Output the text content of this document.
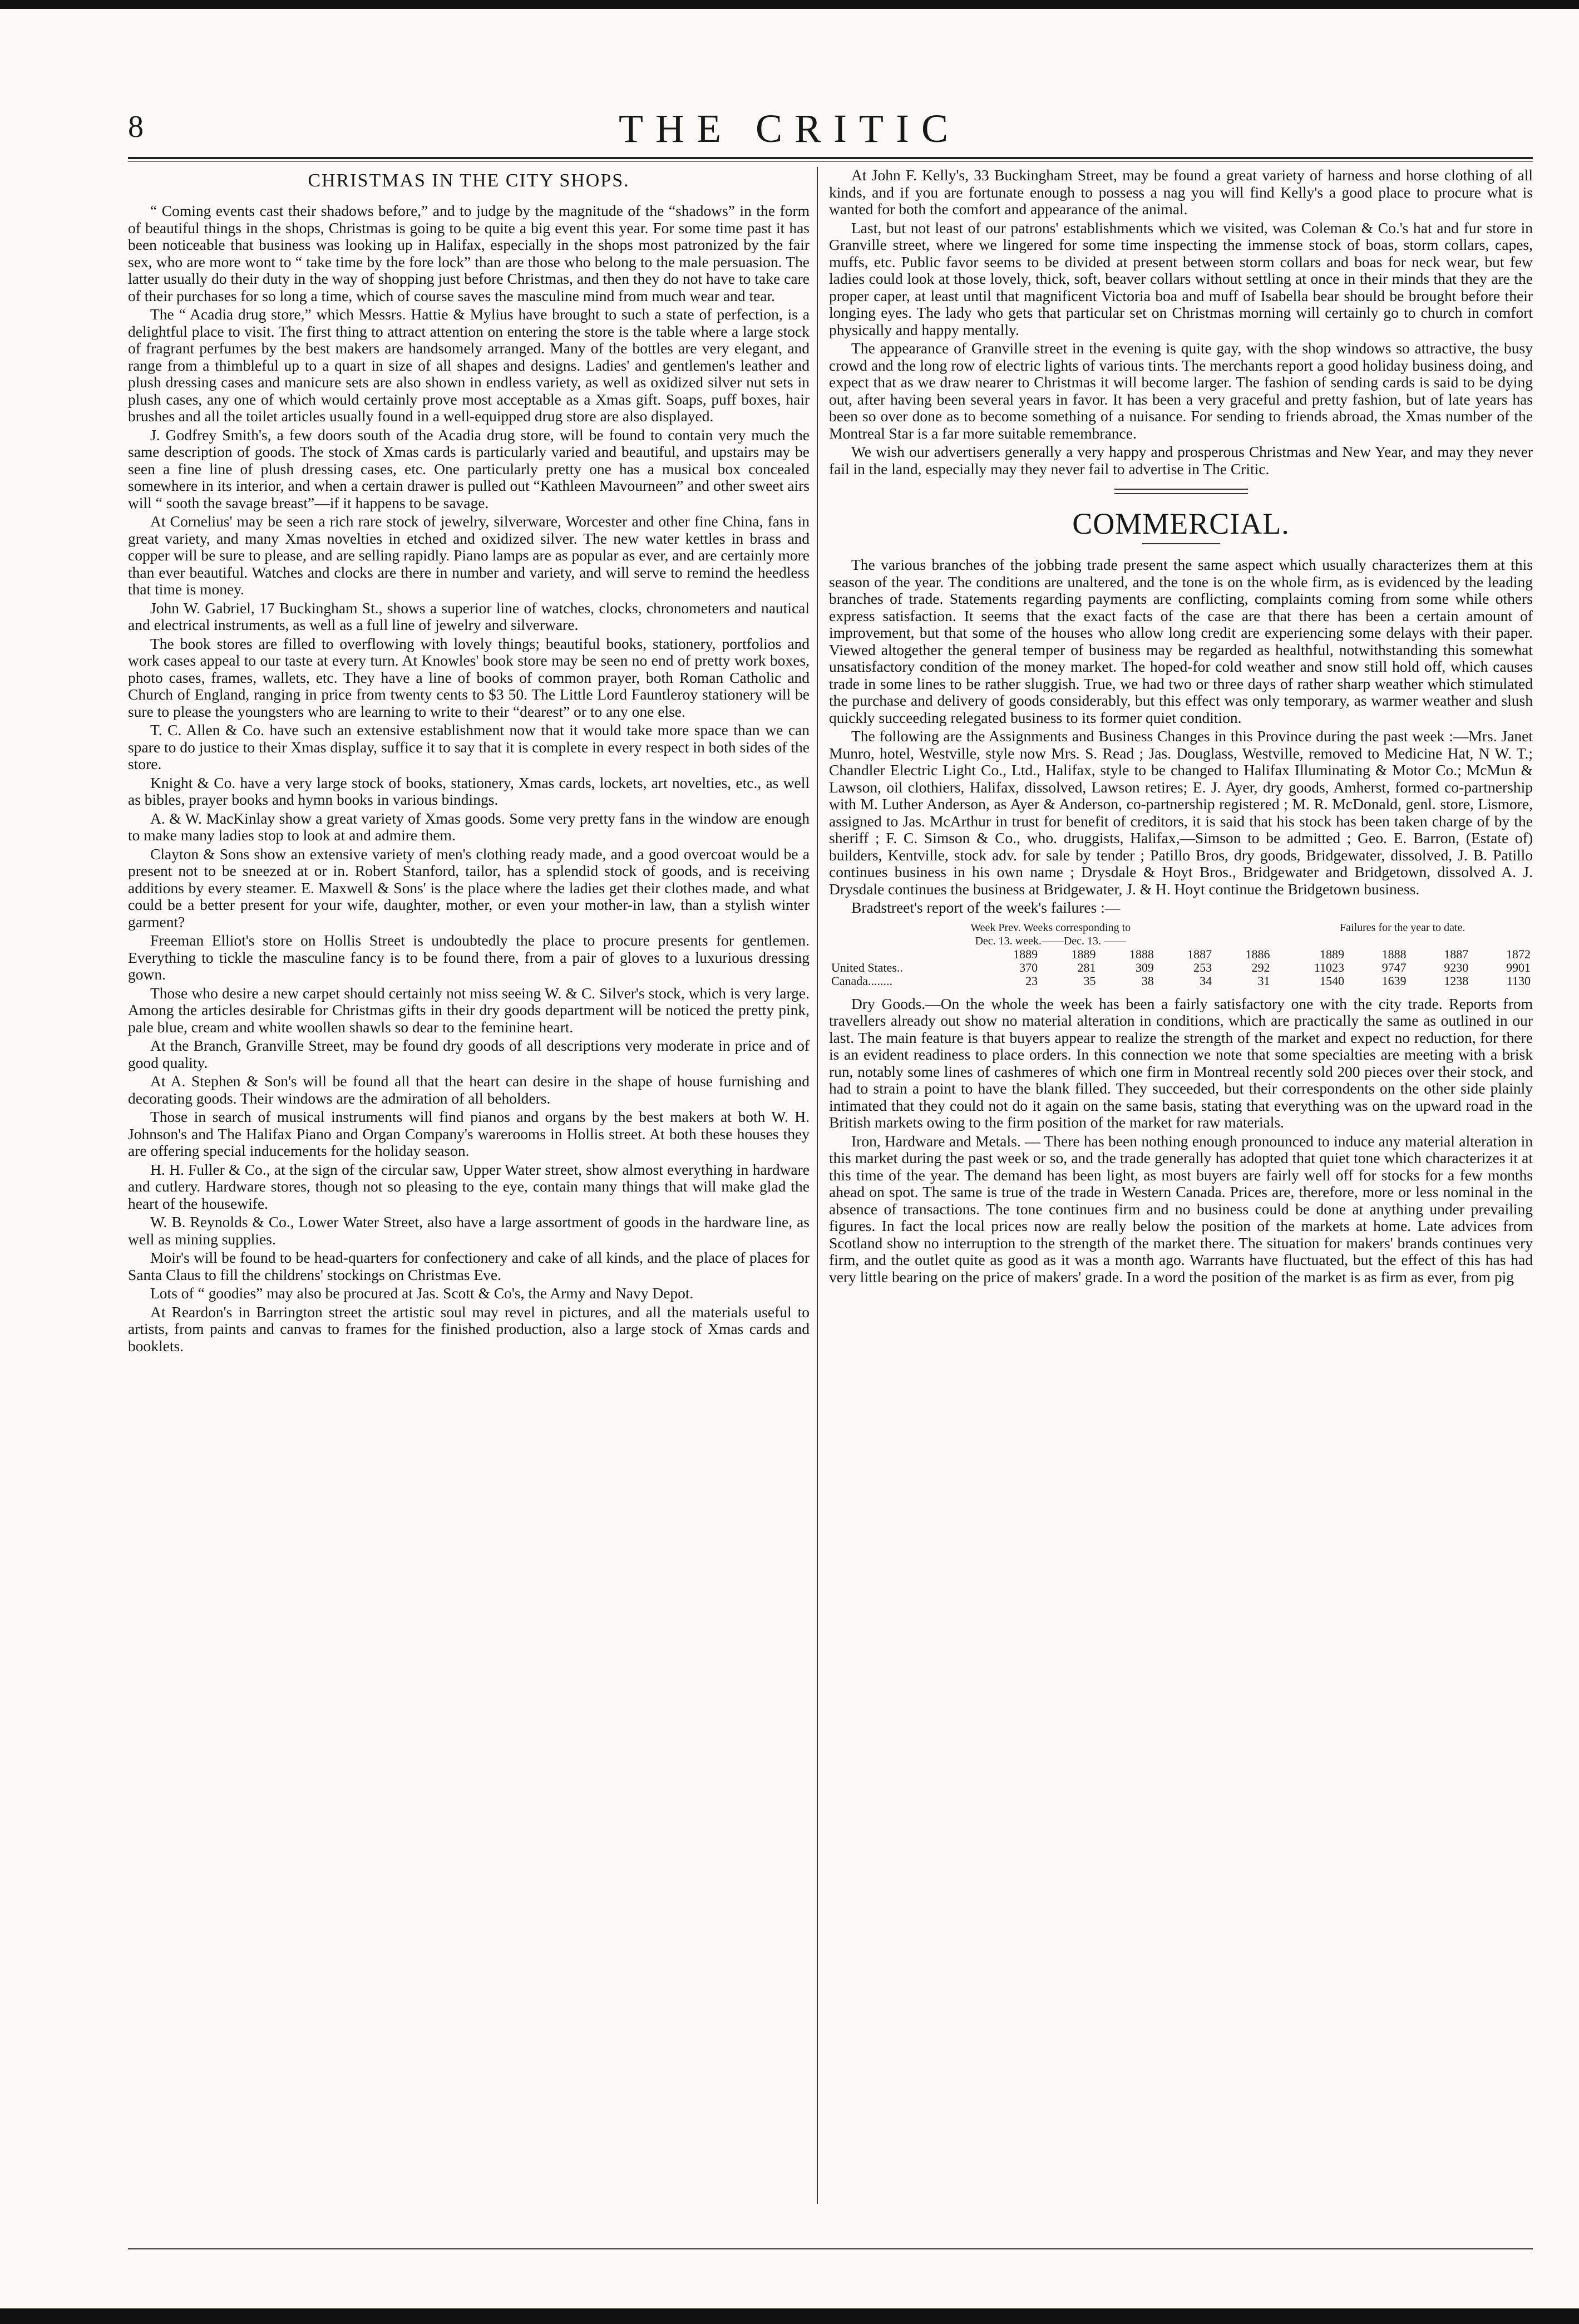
8	THE CRITIC
CHRISTMAS IN THE CITY SHOPS.

“ Coming events cast their shadows before,” and to judge by the magnitude of the “shadows” in the form of beautiful things in the shops, Christmas is going to be quite a big event this year. For some time past it has been noticeable that business was looking up in Halifax, especially in the shops most patronized by the fair sex, who are more wont to “ take time by the fore lock” than are those who belong to the male persuasion. The latter usually do their duty in the way of shopping just before Christmas, and then they do not have to take care of their purchases for so long a time, which of course saves the masculine mind from much wear and tear.

The “ Acadia drug store,” which Messrs. Hattie & Mylius have brought to such a state of perfection, is a delightful place to visit. The first thing to attract attention on entering the store is the table where a large stock of fragrant perfumes by the best makers are handsomely arranged. Many of the bottles are very elegant, and range from a thimbleful up to a quart in size of all shapes and designs. Ladies' and gentlemen's leather and plush dressing cases and manicure sets are also shown in endless variety, as well as oxidized silver nut sets in plush cases, any one of which would certainly prove most acceptable as a Xmas gift. Soaps, puff boxes, hair brushes and all the toilet articles usually found in a well-equipped drug store are also displayed.

J. Godfrey Smith's, a few doors south of the Acadia drug store, will be found to contain very much the same description of goods. The stock of Xmas cards is particularly varied and beautiful, and upstairs may be seen a fine line of plush dressing cases, etc. One particularly pretty one has a musical box concealed somewhere in its interior, and when a certain drawer is pulled out “Kathleen Mavourneen” and other sweet airs will “ sooth the savage breast”—if it happens to be savage.

At Cornelius' may be seen a rich rare stock of jewelry, silverware, Worcester and other fine China, fans in great variety, and many Xmas novelties in etched and oxidized silver. The new water kettles in brass and copper will be sure to please, and are selling rapidly. Piano lamps are as popular as ever, and are certainly more than ever beautiful. Watches and clocks are there in number and variety, and will serve to remind the heedless that time is money.

John W. Gabriel, 17 Buckingham St., shows a superior line of watches, clocks, chronometers and nautical and electrical instruments, as well as a full line of jewelry and silverware.

The book stores are filled to overflowing with lovely things; beautiful books, stationery, portfolios and work cases appeal to our taste at every turn. At Knowles' book store may be seen no end of pretty work boxes, photo cases, frames, wallets, etc. They have a line of books of common prayer, both Roman Catholic and Church of England, ranging in price from twenty cents to $3 50. The Little Lord Fauntleroy stationery will be sure to please the youngsters who are learning to write to their “dearest” or to any one else.

T. C. Allen & Co. have such an extensive establishment now that it would take more space than we can spare to do justice to their Xmas display, suffice it to say that it is complete in every respect in both sides of the store.

Knight & Co. have a very large stock of books, stationery, Xmas cards, lockets, art novelties, etc., as well as bibles, prayer books and hymn books in various bindings.

A. & W. MacKinlay show a great variety of Xmas goods. Some very pretty fans in the window are enough to make many ladies stop to look at and admire them.

Clayton & Sons show an extensive variety of men's clothing ready made, and a good overcoat would be a present not to be sneezed at or in. Robert Stanford, tailor, has a splendid stock of goods, and is receiving additions by every steamer. E. Maxwell & Sons' is the place where the ladies get their clothes made, and what could be a better present for your wife, daughter, mother, or even your mother-in law, than a stylish winter garment?

Freeman Elliot's store on Hollis Street is undoubtedly the place to procure presents for gentlemen. Everything to tickle the masculine fancy is to be found there, from a pair of gloves to a luxurious dressing gown.

Those who desire a new carpet should certainly not miss seeing W. & C. Silver's stock, which is very large. Among the articles desirable for Christmas gifts in their dry goods department will be noticed the pretty pink, pale blue, cream and white woollen shawls so dear to the feminine heart.

At the Branch, Granville Street, may be found dry goods of all descriptions very moderate in price and of good quality.

At A. Stephen & Son's will be found all that the heart can desire in the shape of house furnishing and decorating goods. Their windows are the admiration of all beholders.

Those in search of musical instruments will find pianos and organs by the best makers at both W. H. Johnson's and The Halifax Piano and Organ Company's warerooms in Hollis street. At both these houses they are offering special inducements for the holiday season.

H. H. Fuller & Co., at the sign of the circular saw, Upper Water street, show almost everything in hardware and cutlery. Hardware stores, though not so pleasing to the eye, contain many things that will make glad the heart of the housewife.

W. B. Reynolds & Co., Lower Water Street, also have a large assortment of goods in the hardware line, as well as mining supplies.

Moir's will be found to be head-quarters for confectionery and cake of all kinds, and the place of places for Santa Claus to fill the childrens' stockings on Christmas Eve.

Lots of “ goodies” may also be procured at Jas. Scott & Co's, the Army and Navy Depot.

At Reardon's in Barrington street the artistic soul may revel in pictures, and all the materials useful to artists, from paints and canvas to frames for the finished production, also a large stock of Xmas cards and booklets.

At John F. Kelly's, 33 Buckingham Street, may be found a great variety of harness and horse clothing of all kinds, and if you are fortunate enough to possess a nag you will find Kelly's a good place to procure what is wanted for both the comfort and appearance of the animal.

Last, but not least of our patrons' establishments which we visited, was Coleman & Co.'s hat and fur store in Granville street, where we lingered for some time inspecting the immense stock of boas, storm collars, capes, muffs, etc. Public favor seems to be divided at present between storm collars and boas for neck wear, but few ladies could look at those lovely, thick, soft, beaver collars without settling at once in their minds that they are the proper caper, at least until that magnificent Victoria boa and muff of Isabella bear should be brought before their longing eyes. The lady who gets that particular set on Christmas morning will certainly go to church in comfort physically and happy mentally.

The appearance of Granville street in the evening is quite gay, with the shop windows so attractive, the busy crowd and the long row of electric lights of various tints. The merchants report a good holiday business doing, and expect that as we draw nearer to Christmas it will become larger. The fashion of sending cards is said to be dying out, after having been several years in favor. It has been a very graceful and pretty fashion, but of late years has been so over done as to become something of a nuisance. For sending to friends abroad, the Xmas number of the Montreal Star is a far more suitable remembrance.

We wish our advertisers generally a very happy and prosperous Christmas and New Year, and may they never fail in the land, especially may they never fail to advertise in The Critic.

COMMERCIAL.

The various branches of the jobbing trade present the same aspect which usually characterizes them at this season of the year. The conditions are unaltered, and the tone is on the whole firm, as is evidenced by the leading branches of trade. Statements regarding payments are conflicting, complaints coming from some while others express satisfaction. It seems that the exact facts of the case are that there has been a certain amount of improvement, but that some of the houses who allow long credit are experiencing some delays with their paper. Viewed altogether the general temper of business may be regarded as healthful, notwithstanding this somewhat unsatisfactory condition of the money market. The hoped-for cold weather and snow still hold off, which causes trade in some lines to be rather sluggish. True, we had two or three days of rather sharp weather which stimulated the purchase and delivery of goods considerably, but this effect was only temporary, as warmer weather and slush quickly succeeding relegated business to its former quiet condition.

The following are the Assignments and Business Changes in this Province during the past week :—Mrs. Janet Munro, hotel, Westville, style now Mrs. S. Read ; Jas. Douglass, Westville, removed to Medicine Hat, N W. T.; Chandler Electric Light Co., Ltd., Halifax, style to be changed to Halifax Illuminating & Motor Co.; McMun & Lawson, oil clothiers, Halifax, dissolved, Lawson retires; E. J. Ayer, dry goods, Amherst, formed co-partnership with M. Luther Anderson, as Ayer & Anderson, co-partnership registered ; M. R. McDonald, genl. store, Lismore, assigned to Jas. McArthur in trust for benefit of creditors, it is said that his stock has been taken charge of by the sheriff ; F. C. Simson & Co., who. druggists, Halifax,—Simson to be admitted ; Geo. E. Barron, (Estate of) builders, Kentville, stock adv. for sale by tender ; Patillo Bros, dry goods, Bridgewater, dissolved, J. B. Patillo continues business in his own name ; Drysdale & Hoyt Bros., Bridgewater and Bridgetown, dissolved A. J. Drysdale continues the business at Bridgewater, J. & H. Hoyt continue the Bridgetown business.

Bradstreet's report of the week's failures :—

Week Prev. Weeks corresponding to						Failures for the year to date.			
Dec. 13. week.——Dec. 13. ——									
	1889	1889	1888	1887	1886	1889	1888	1887	1872
United States..	370	281	309	253	292	11023	9747	9230	9901
Canada........	23	35	38	34	31	1540	1639	1238	1130

Dry Goods.—On the whole the week has been a fairly satisfactory one with the city trade. Reports from travellers already out show no material alteration in conditions, which are practically the same as outlined in our last. The main feature is that buyers appear to realize the strength of the market and expect no reduction, for there is an evident readiness to place orders. In this connection we note that some specialties are meeting with a brisk run, notably some lines of cashmeres of which one firm in Montreal recently sold 200 pieces over their stock, and had to strain a point to have the blank filled. They succeeded, but their correspondents on the other side plainly intimated that they could not do it again on the same basis, stating that everything was on the upward road in the British markets owing to the firm position of the market for raw materials.

Iron, Hardware and Metals. — There has been nothing enough pronounced to induce any material alteration in this market during the past week or so, and the trade generally has adopted that quiet tone which characterizes it at this time of the year. The demand has been light, as most buyers are fairly well off for stocks for a few months ahead on spot. The same is true of the trade in Western Canada. Prices are, therefore, more or less nominal in the absence of transactions. The tone continues firm and no business could be done at anything under prevailing figures. In fact the local prices now are really below the position of the markets at home. Late advices from Scotland show no interruption to the strength of the market there. The situation for makers' brands continues very firm, and the outlet quite as good as it was a month ago. Warrants have fluctuated, but the effect of this has had very little bearing on the price of makers' grade. In a word the position of the market is as firm as ever, from pig
